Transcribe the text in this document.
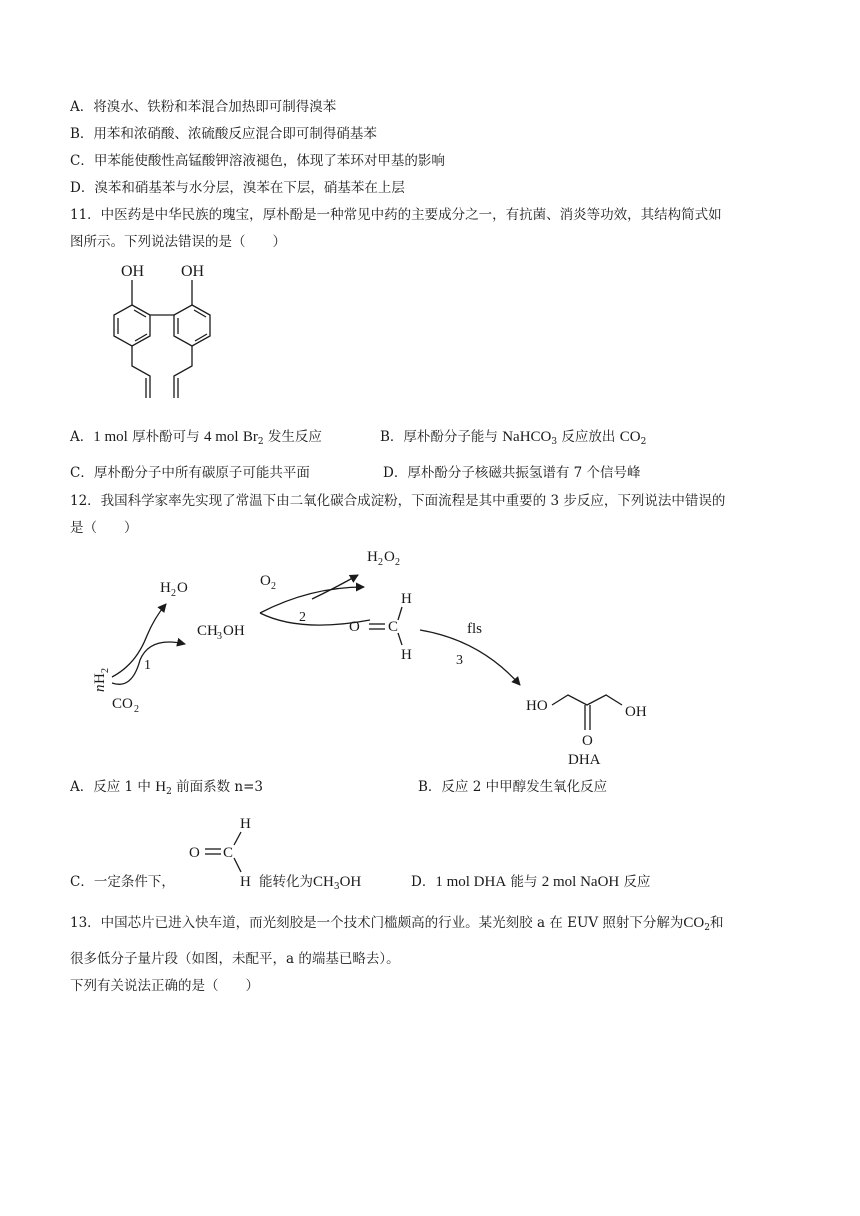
A．将溴水、铁粉和苯混合加热即可制得溴苯
B．用苯和浓硝酸、浓硫酸反应混合即可制得硝基苯
C．甲苯能使酸性高锰酸钾溶液褪色，体现了苯环对甲基的影响
D．溴苯和硝基苯与水分层，溴苯在下层，硝基苯在上层
11．中医药是中华民族的瑰宝，厚朴酚是一种常见中药的主要成分之一，有抗菌、消炎等功效，其结构简式如
图所示。下列说法错误的是（　　）
OH OH
A．1 mol 厚朴酚可与 4 mol $Br_2$ 发生反应	B．厚朴酚分子能与 NaHCO$_3$ 反应放出 $CO_2$
C．厚朴酚分子中所有碳原子可能共平面	D．厚朴酚分子核磁共振氢谱有 7 个信号峰
12．我国科学家率先实现了常温下由二氧化碳合成淀粉，下面流程是其中重要的 3 步反应，下列说法中错误的
是（　　）
n
H
2
H 2 O
1
CO 2
CH 3 OH
O 2
2
H 2 O 2
O C
H
H
fls
3
HO	OH
O
DHA
A．反应 1 中 $H_2$ 前面系数 n=3	B．反应 2 中甲醇发生氧化反应
C．一定条件下，
O C
H
H 能转化为$CH_3OH$	D．1 mol DHA 能与 2 mol NaOH 反应
13．中国芯片已进入快车道，而光刻胶是一个技术门槛颇高的行业。某光刻胶 a 在 EUV 照射下分解为$CO_2$和
很多低分子量片段（如图，未配平，a 的端基已略去）。
下列有关说法正确的是（　　）
